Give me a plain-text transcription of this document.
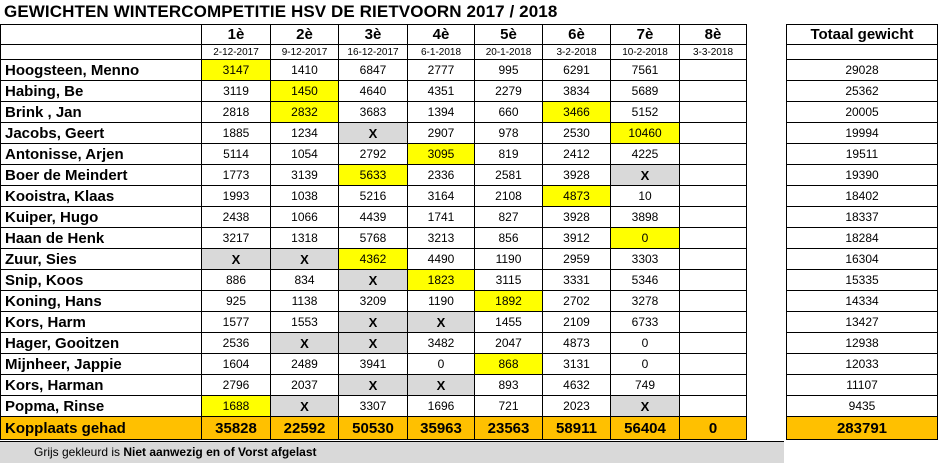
GEWICHTEN WINTERCOMPETITIE HSV DE RIETVOORN 2017 / 2018
	1è	2è	3è	4è	5è	6è	7è	8è		Totaal gewicht
	2-12-2017	9-12-2017	16-12-2017	6-1-2018	20-1-2018	3-2-2018	10-2-2018	3-3-2018		
Hoogsteen, Menno	3147	1410	6847	2777	995	6291	7561			29028
Habing, Be	3119	1450	4640	4351	2279	3834	5689			25362
Brink , Jan	2818	2832	3683	1394	660	3466	5152			20005
Jacobs, Geert	1885	1234	X	2907	978	2530	10460			19994
Antonisse, Arjen	5114	1054	2792	3095	819	2412	4225			19511
Boer de Meindert	1773	3139	5633	2336	2581	3928	X			19390
Kooistra, Klaas	1993	1038	5216	3164	2108	4873	10			18402
Kuiper, Hugo	2438	1066	4439	1741	827	3928	3898			18337
Haan de Henk	3217	1318	5768	3213	856	3912	0			18284
Zuur, Sies	X	X	4362	4490	1190	2959	3303			16304
Snip, Koos	886	834	X	1823	3115	3331	5346			15335
Koning, Hans	925	1138	3209	1190	1892	2702	3278			14334
Kors, Harm	1577	1553	X	X	1455	2109	6733			13427
Hager, Gooitzen	2536	X	X	3482	2047	4873	0			12938
Mijnheer, Jappie	1604	2489	3941	0	868	3131	0			12033
Kors, Harman	2796	2037	X	X	893	4632	749			11107
Popma, Rinse	1688	X	3307	1696	721	2023	X			9435
Kopplaats gehad	35828	22592	50530	35963	23563	58911	56404	0		283791
Grijs gekleurd is Niet aanwezig en of Vorst afgelast
